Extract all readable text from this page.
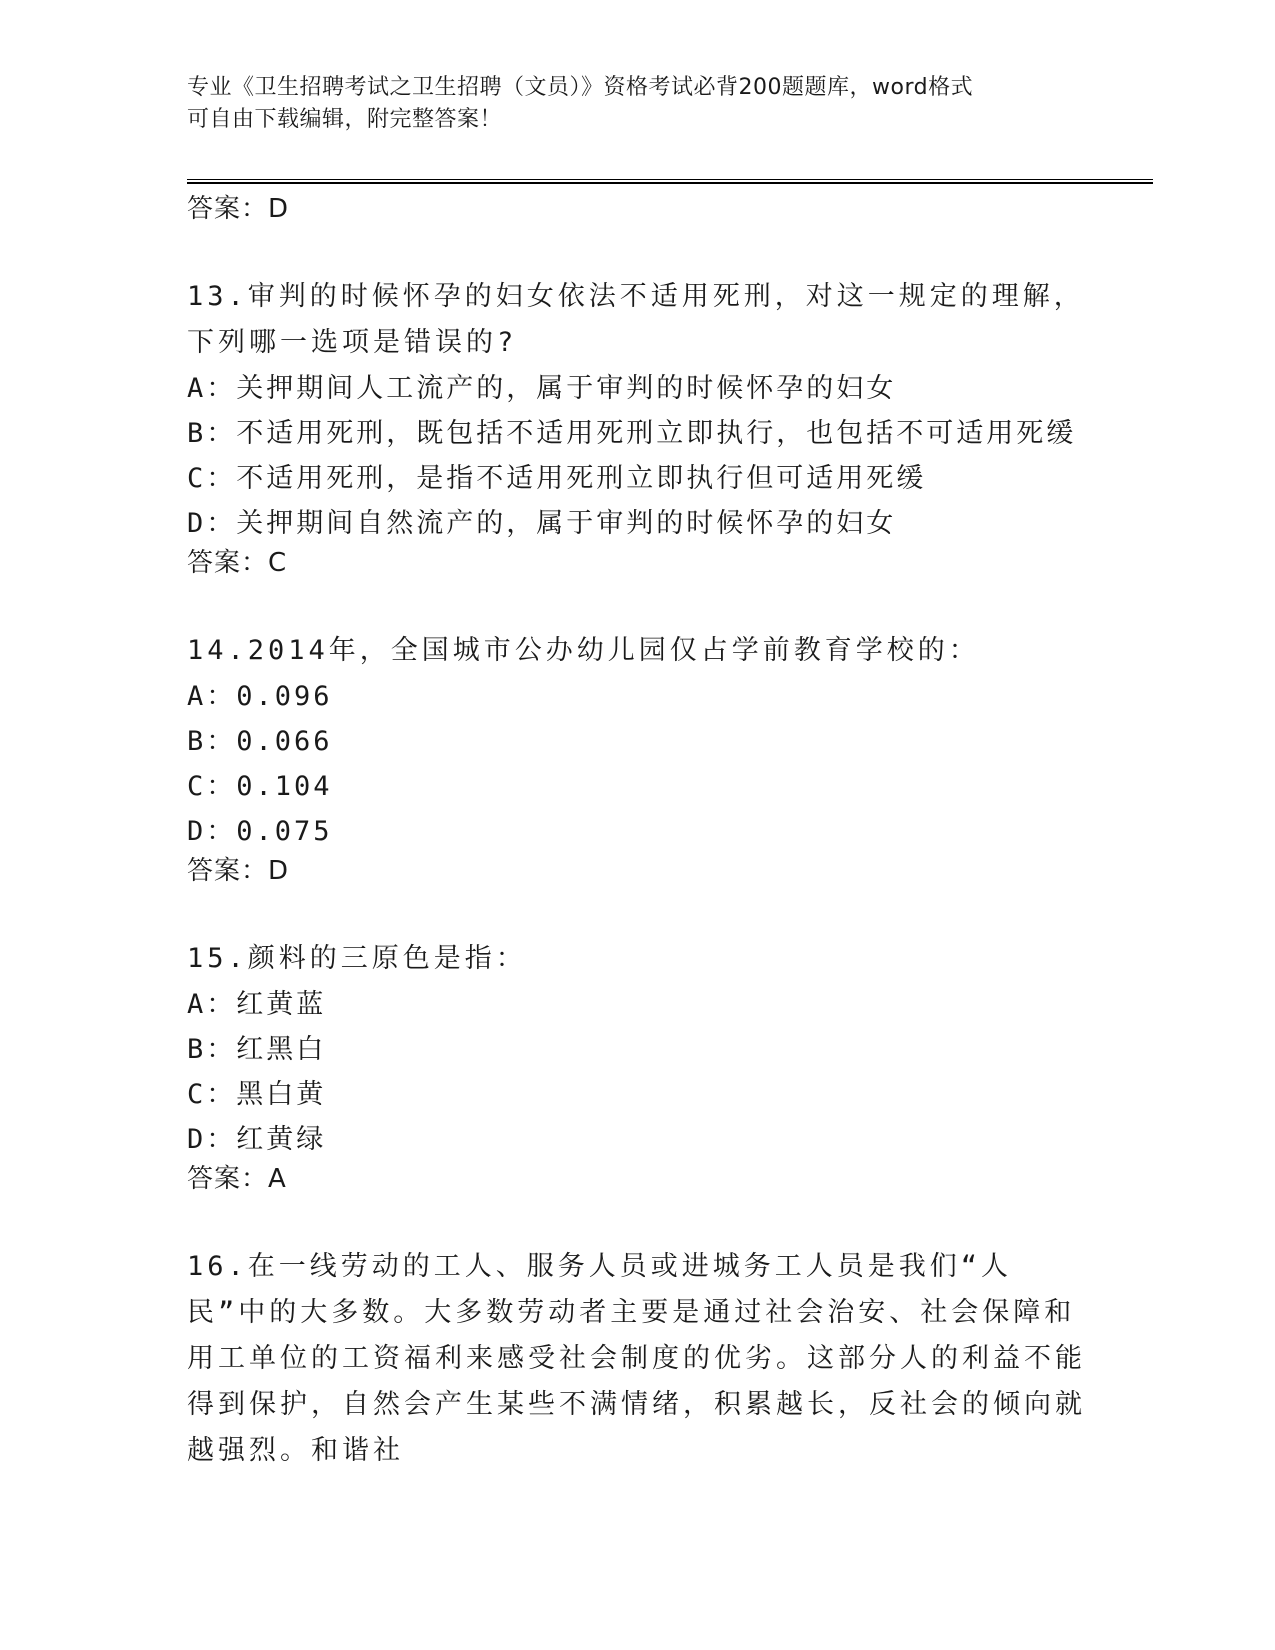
专业《卫生招聘考试之卫生招聘（文员）》资格考试必背200题题库，word格式
可自由下载编辑，附完整答案！
答案：D
13.审判的时候怀孕的妇女依法不适用死刑，对这一规定的理解，下列哪一选项是错误的?
A：关押期间人工流产的，属于审判的时候怀孕的妇女
B：不适用死刑，既包括不适用死刑立即执行，也包括不可适用死缓
C：不适用死刑，是指不适用死刑立即执行但可适用死缓
D：关押期间自然流产的，属于审判的时候怀孕的妇女
答案：C
14.2014年，全国城市公办幼儿园仅占学前教育学校的：
A：0.096
B：0.066
C：0.104
D：0.075
答案：D
15.颜料的三原色是指：
A：红黄蓝
B：红黑白
C：黑白黄
D：红黄绿
答案：A
16.在一线劳动的工人、服务人员或进城务工人员是我们“人民”中的大多数。大多数劳动者主要是通过社会治安、社会保障和用工单位的工资福利来感受社会制度的优劣。这部分人的利益不能得到保护，自然会产生某些不满情绪，积累越长，反社会的倾向就越强烈。和谐社
